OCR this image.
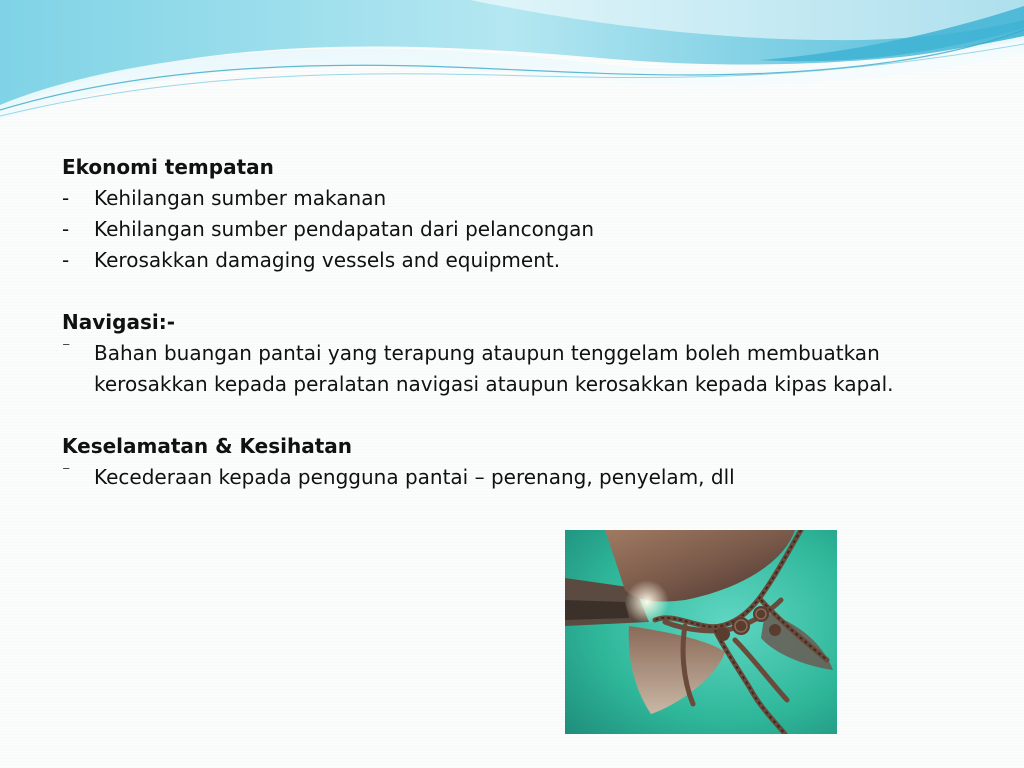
Ekonomi tempatan
-	Kehilangan sumber makanan
-	Kehilangan sumber pendapatan dari pelancongan
-	Kerosakkan damaging vessels and equipment.
Navigasi:-
⁻	Bahan buangan pantai yang terapung ataupun tenggelam boleh membuatkan kerosakkan kepada peralatan navigasi ataupun kerosakkan kepada kipas kapal.
Keselamatan & Kesihatan
⁻	Kecederaan kepada pengguna pantai – perenang, penyelam, dll
